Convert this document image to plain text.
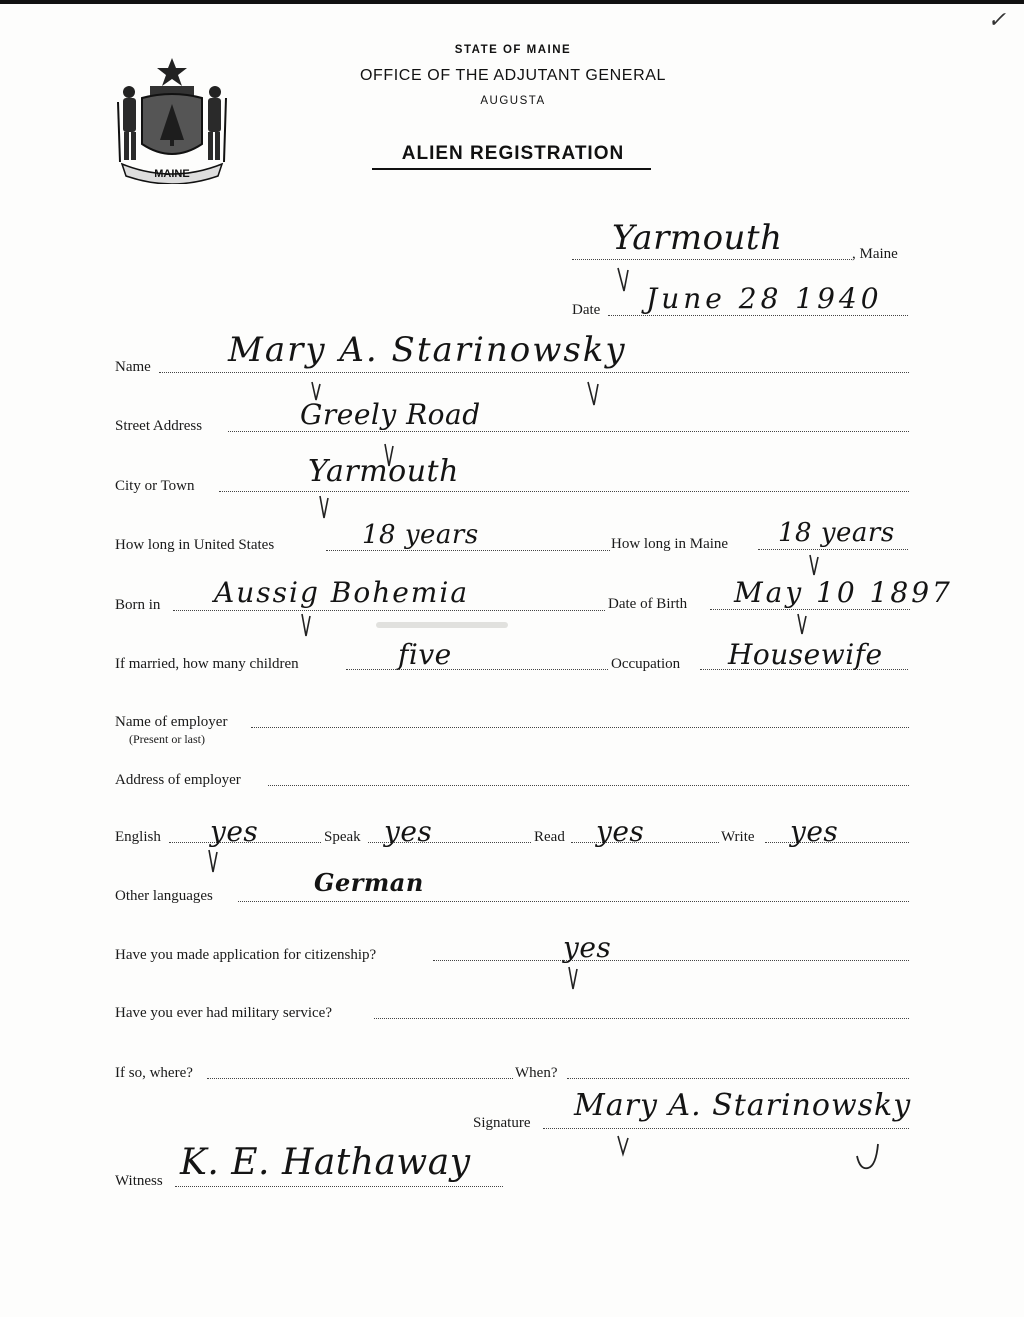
✓
MAINE
STATE OF MAINE
OFFICE OF THE ADJUTANT GENERAL
AUGUSTA
ALIEN REGISTRATION
Yarmouth	, Maine
Date June 28 1940
Name Mary A. Starinowsky
Street Address	Greely Road
City or Town	Yarmouth
How long in United States	18 years	How long in Maine 18 years
Born in Aussig Bohemia	Date of Birth May 10 1897
If married, how many children	five	Occupation Housewife
Name of employer
(Present or last)
Address of employer
English yes	Speak yes	Read yes	Write yes
Other languages	German
Have you made application for citizenship?	yes
Have you ever had military service?
If so, where?	When?
Signature Mary A. Starinowsky
Witness K. E. Hathaway
